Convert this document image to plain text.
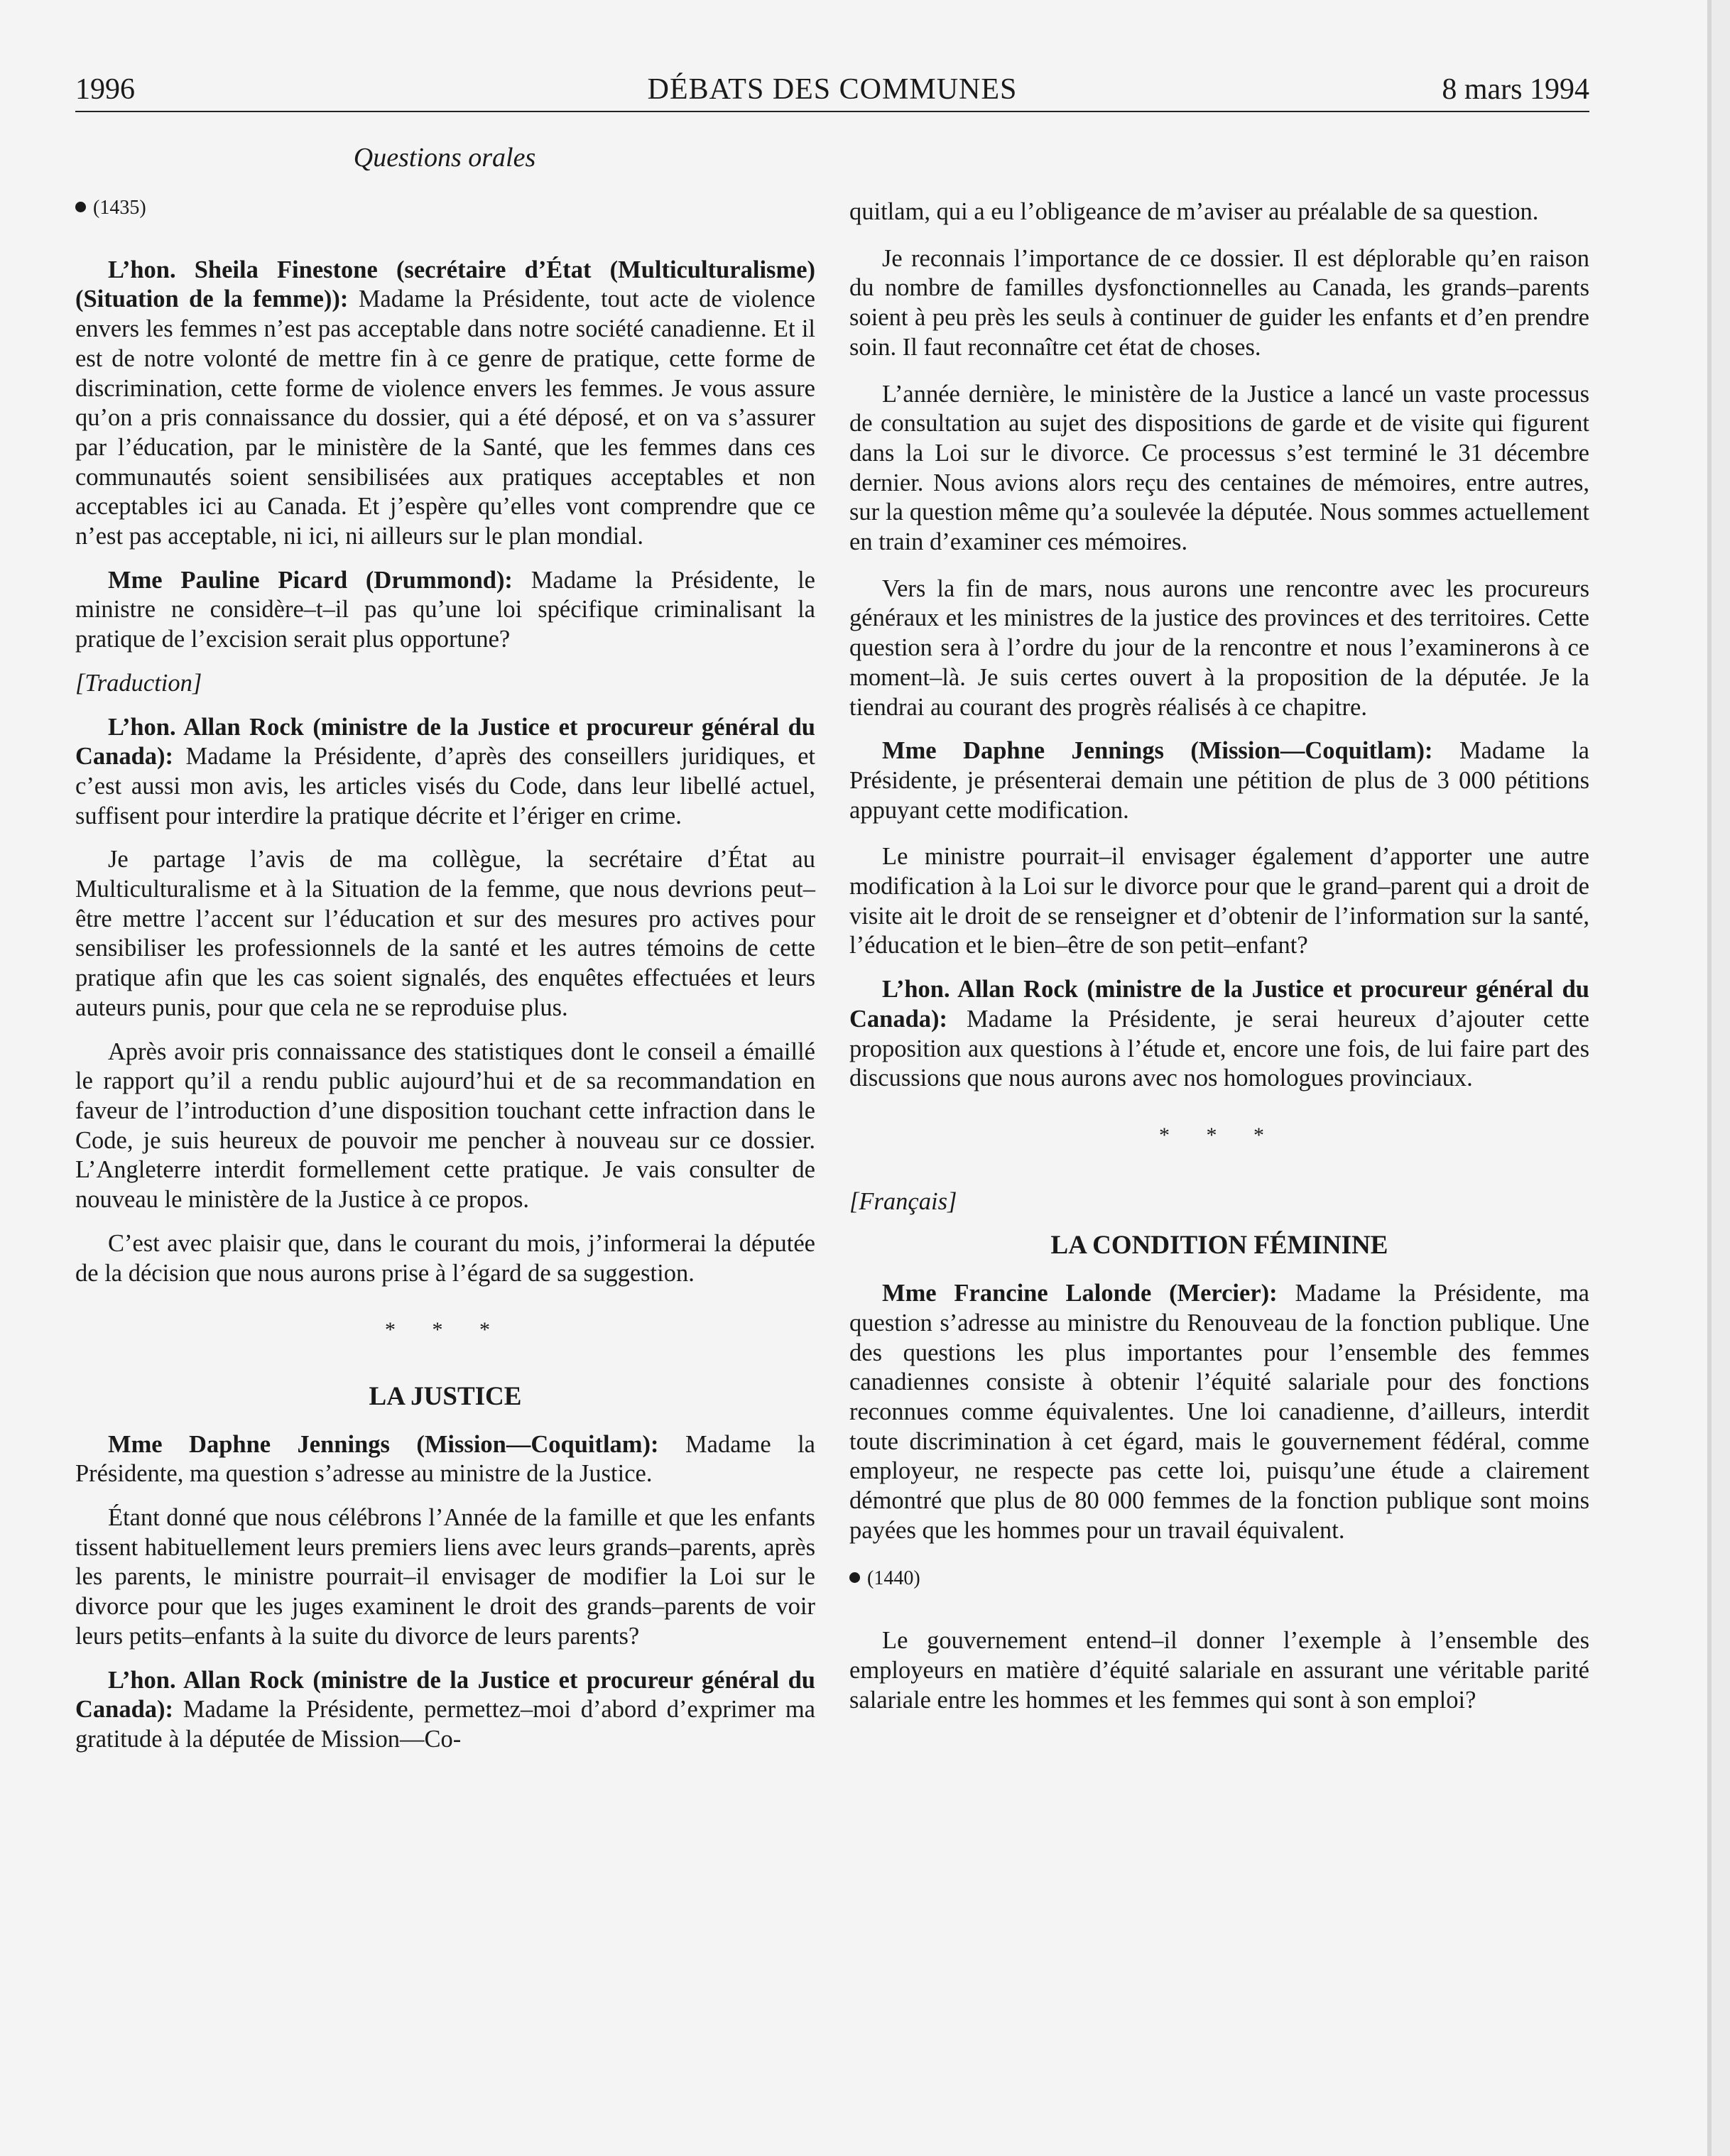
DÉBATS DES COMMUNES
1996	8 mars 1994
Questions orales
(1435)

L’hon. Sheila Finestone (secrétaire d’État (Multiculturalisme) (Situation de la femme)): Madame la Présidente, tout acte de violence envers les femmes n’est pas acceptable dans notre société canadienne. Et il est de notre volonté de mettre fin à ce genre de pratique, cette forme de discrimination, cette forme de violence envers les femmes. Je vous assure qu’on a pris connaissance du dossier, qui a été déposé, et on va s’assurer par l’éducation, par le ministère de la Santé, que les femmes dans ces communautés soient sensibilisées aux pratiques acceptables et non acceptables ici au Canada. Et j’espère qu’elles vont comprendre que ce n’est pas acceptable, ni ici, ni ailleurs sur le plan mondial.

Mme Pauline Picard (Drummond): Madame la Présidente, le ministre ne considère–t–il pas qu’une loi spécifique criminalisant la pratique de l’excision serait plus opportune?

[Traduction]

L’hon. Allan Rock (ministre de la Justice et procureur général du Canada): Madame la Présidente, d’après des conseillers juridiques, et c’est aussi mon avis, les articles visés du Code, dans leur libellé actuel, suffisent pour interdire la pratique décrite et l’ériger en crime.

Je partage l’avis de ma collègue, la secrétaire d’État au Multiculturalisme et à la Situation de la femme, que nous devrions peut–être mettre l’accent sur l’éducation et sur des mesures pro actives pour sensibiliser les professionnels de la santé et les autres témoins de cette pratique afin que les cas soient signalés, des enquêtes effectuées et leurs auteurs punis, pour que cela ne se reproduise plus.

Après avoir pris connaissance des statistiques dont le conseil a émaillé le rapport qu’il a rendu public aujourd’hui et de sa recommandation en faveur de l’introduction d’une disposition touchant cette infraction dans le Code, je suis heureux de pouvoir me pencher à nouveau sur ce dossier. L’Angleterre interdit formellement cette pratique. Je vais consulter de nouveau le ministère de la Justice à ce propos.

C’est avec plaisir que, dans le courant du mois, j’informerai la députée de la décision que nous aurons prise à l’égard de sa suggestion.

* * *
LA JUSTICE

Mme Daphne Jennings (Mission—Coquitlam): Madame la Présidente, ma question s’adresse au ministre de la Justice.

Étant donné que nous célébrons l’Année de la famille et que les enfants tissent habituellement leurs premiers liens avec leurs grands–parents, après les parents, le ministre pourrait–il envisager de modifier la Loi sur le divorce pour que les juges examinent le droit des grands–parents de voir leurs petits–enfants à la suite du divorce de leurs parents?

L’hon. Allan Rock (ministre de la Justice et procureur général du Canada): Madame la Présidente, permettez–moi d’abord d’exprimer ma gratitude à la députée de Mission—Co-

quitlam, qui a eu l’obligeance de m’aviser au préalable de sa question.

Je reconnais l’importance de ce dossier. Il est déplorable qu’en raison du nombre de familles dysfonctionnelles au Canada, les grands–parents soient à peu près les seuls à continuer de guider les enfants et d’en prendre soin. Il faut reconnaître cet état de choses.

L’année dernière, le ministère de la Justice a lancé un vaste processus de consultation au sujet des dispositions de garde et de visite qui figurent dans la Loi sur le divorce. Ce processus s’est terminé le 31 décembre dernier. Nous avions alors reçu des centaines de mémoires, entre autres, sur la question même qu’a soulevée la députée. Nous sommes actuellement en train d’examiner ces mémoires.

Vers la fin de mars, nous aurons une rencontre avec les procureurs généraux et les ministres de la justice des provinces et des territoires. Cette question sera à l’ordre du jour de la rencontre et nous l’examinerons à ce moment–là. Je suis certes ouvert à la proposition de la députée. Je la tiendrai au courant des progrès réalisés à ce chapitre.

Mme Daphne Jennings (Mission—Coquitlam): Madame la Présidente, je présenterai demain une pétition de plus de 3 000 pétitions appuyant cette modification.

Le ministre pourrait–il envisager également d’apporter une autre modification à la Loi sur le divorce pour que le grand–parent qui a droit de visite ait le droit de se renseigner et d’obtenir de l’information sur la santé, l’éducation et le bien–être de son petit–enfant?

L’hon. Allan Rock (ministre de la Justice et procureur général du Canada): Madame la Présidente, je serai heureux d’ajouter cette proposition aux questions à l’étude et, encore une fois, de lui faire part des discussions que nous aurons avec nos homologues provinciaux.

* * *

[Français]

LA CONDITION FÉMININE

Mme Francine Lalonde (Mercier): Madame la Présidente, ma question s’adresse au ministre du Renouveau de la fonction publique. Une des questions les plus importantes pour l’ensemble des femmes canadiennes consiste à obtenir l’équité salariale pour des fonctions reconnues comme équivalentes. Une loi canadienne, d’ailleurs, interdit toute discrimination à cet égard, mais le gouvernement fédéral, comme employeur, ne respecte pas cette loi, puisqu’une étude a clairement démontré que plus de 80 000 femmes de la fonction publique sont moins payées que les hommes pour un travail équivalent.

(1440)

Le gouvernement entend–il donner l’exemple à l’ensemble des employeurs en matière d’équité salariale en assurant une véritable parité salariale entre les hommes et les femmes qui sont à son emploi?
